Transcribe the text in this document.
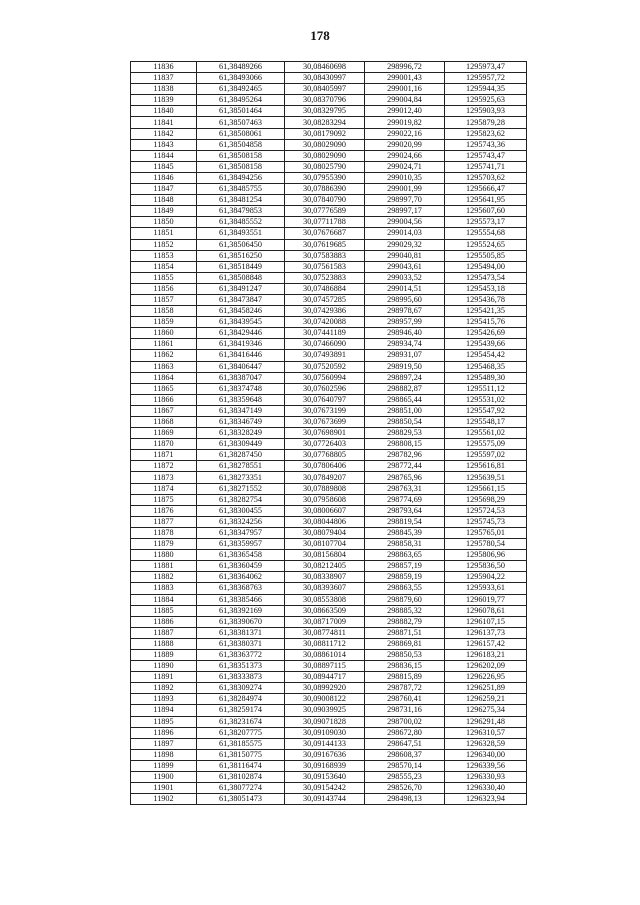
178
11836	61,38489266	30,08460698	298996,72	1295973,47
11837	61,38493066	30,08430997	299001,43	1295957,72
11838	61,38492465	30,08405997	299001,16	1295944,35
11839	61,38495264	30,08370796	299004,84	1295925,63
11840	61,38501464	30,08329795	299012,40	1295903,93
11841	61,38507463	30,08283294	299019,82	1295879,28
11842	61,38508061	30,08179092	299022,16	1295823,62
11843	61,38504858	30,08029090	299020,99	1295743,36
11844	61,38508158	30,08029090	299024,66	1295743,47
11845	61,38508158	30,08025790	299024,71	1295741,71
11846	61,38494256	30,07955390	299010,35	1295703,62
11847	61,38485755	30,07886390	299001,99	1295666,47
11848	61,38481254	30,07840790	298997,70	1295641,95
11849	61,38479853	30,07776589	298997,17	1295607,60
11850	61,38485552	30,07711788	299004,56	1295573,17
11851	61,38493551	30,07676687	299014,03	1295554,68
11852	61,38506450	30,07619685	299029,32	1295524,65
11853	61,38516250	30,07583883	299040,81	1295505,85
11854	61,38518449	30,07561583	299043,61	1295494,00
11855	61,38508848	30,07523883	299033,52	1295473,54
11856	61,38491247	30,07486884	299014,51	1295453,18
11857	61,38473847	30,07457285	298995,60	1295436,78
11858	61,38458246	30,07429386	298978,67	1295421,35
11859	61,38439545	30,07420088	298957,99	1295415,76
11860	61,38429446	30,07441189	298946,40	1295426,69
11861	61,38419346	30,07466090	298934,74	1295439,66
11862	61,38416446	30,07493891	298931,07	1295454,42
11863	61,38406447	30,07520592	298919,50	1295468,35
11864	61,38387047	30,07560994	298897,24	1295489,30
11865	61,38374748	30,07602596	298882,87	1295511,12
11866	61,38359648	30,07640797	298865,44	1295531,02
11867	61,38347149	30,07673199	298851,00	1295547,92
11868	61,38346749	30,07673699	298850,54	1295548,17
11869	61,38328249	30,07698901	298829,53	1295561,02
11870	61,38309449	30,07726403	298808,15	1295575,09
11871	61,38287450	30,07768805	298782,96	1295597,02
11872	61,38278551	30,07806406	298772,44	1295616,81
11873	61,38273351	30,07849207	298765,96	1295639,51
11874	61,38271552	30,07889808	298763,31	1295661,15
11875	61,38282754	30,07958608	298774,69	1295698,29
11876	61,38300455	30,08006607	298793,64	1295724,53
11877	61,38324256	30,08044806	298819,54	1295745,73
11878	61,38347957	30,08079404	298845,39	1295765,01
11879	61,38359957	30,08107704	298858,31	1295780,54
11880	61,38365458	30,08156804	298863,65	1295806,96
11881	61,38360459	30,08212405	298857,19	1295836,50
11882	61,38364062	30,08338907	298859,19	1295904,22
11883	61,38368763	30,08393607	298863,55	1295933,61
11884	61,38385466	30,08553808	298879,60	1296019,77
11885	61,38392169	30,08663509	298885,32	1296078,61
11886	61,38390670	30,08717009	298882,79	1296107,15
11887	61,38381371	30,08774811	298871,51	1296137,73
11888	61,38380371	30,08811712	298869,81	1296157,42
11889	61,38363772	30,08861014	298850,53	1296183,21
11890	61,38351373	30,08897115	298836,15	1296202,09
11891	61,38333873	30,08944717	298815,89	1296226,95
11892	61,38309274	30,08992920	298787,72	1296251,89
11893	61,38284974	30,09008122	298760,41	1296259,21
11894	61,38259174	30,09039925	298731,16	1296275,34
11895	61,38231674	30,09071828	298700,02	1296291,48
11896	61,38207775	30,09109030	298672,80	1296310,57
11897	61,38185575	30,09144133	298647,51	1296328,59
11898	61,38150775	30,09167636	298608,37	1296340,00
11899	61,38116474	30,09168939	298570,14	1296339,56
11900	61,38102874	30,09153640	298555,23	1296330,93
11901	61,38077274	30,09154242	298526,70	1296330,40
11902	61,38051473	30,09143744	298498,13	1296323,94
